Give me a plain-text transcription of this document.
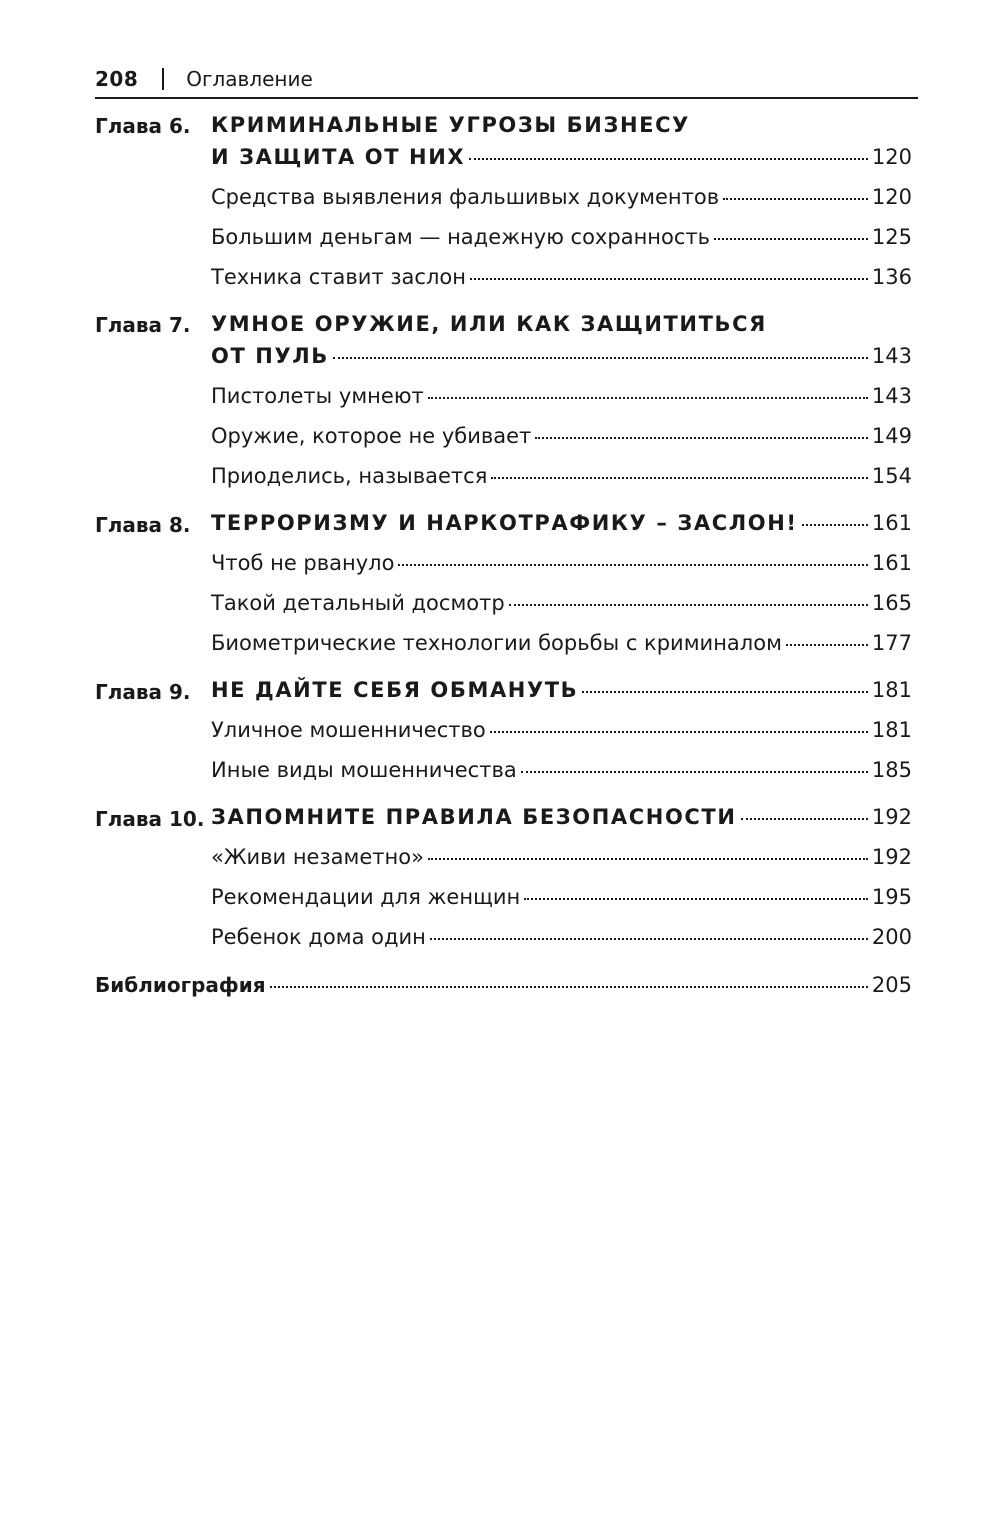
208 Оглавление
Глава 6. КРИМИНАЛЬНЫЕ УГРОЗЫ БИЗНЕСУ
И ЗАЩИТА ОТ НИХ	120
Средства выявления фальшивых документов	120
Большим деньгам — надежную сохранность	125
Техника ставит заслон	136
Глава 7. УМНОЕ ОРУЖИЕ, ИЛИ КАК ЗАЩИТИТЬСЯ
ОТ ПУЛЬ	143
Пистолеты умнеют	143
Оружие, которое не убивает	149
Приоделись, называется	154
Глава 8. ТЕРРОРИЗМУ И НАРКОТРАФИКУ – ЗАСЛОН!	161
Чтоб не рвануло	161
Такой детальный досмотр	165
Биометрические технологии борьбы с криминалом	177
Глава 9. НЕ ДАЙТЕ СЕБЯ ОБМАНУТЬ	181
Уличное мошенничество	181
Иные виды мошенничества	185
Глава 10. ЗАПОМНИТЕ ПРАВИЛА БЕЗОПАСНОСТИ	192
«Живи незаметно»	192
Рекомендации для женщин	195
Ребенок дома один	200
Библиография	205
